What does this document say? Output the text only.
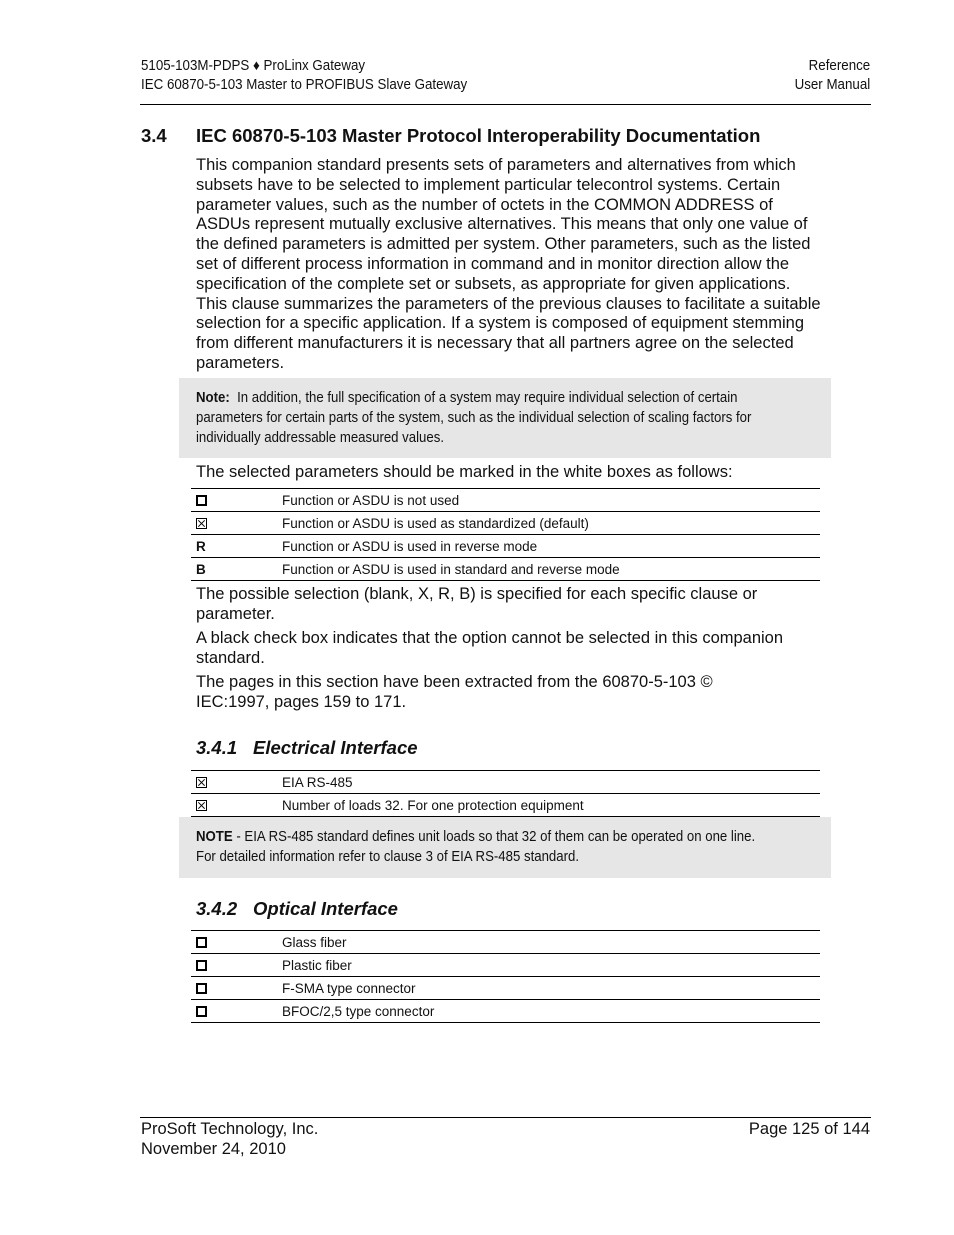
5105-103M-PDPS ♦ ProLinx Gateway
IEC 60870-5-103 Master to PROFIBUS Slave Gateway
Reference
User Manual
3.4 IEC 60870-5-103 Master Protocol Interoperability Documentation

This companion standard presents sets of parameters and alternatives from which subsets have to be selected to implement particular telecontrol systems. Certain parameter values, such as the number of octets in the COMMON ADDRESS of ASDUs represent mutually exclusive alternatives. This means that only one value of the defined parameters is admitted per system. Other parameters, such as the listed set of different process information in command and in monitor direction allow the specification of the complete set or subsets, as appropriate for given applications. This clause summarizes the parameters of the previous clauses to facilitate a suitable selection for a specific application. If a system is composed of equipment stemming from different manufacturers it is necessary that all partners agree on the selected parameters.

Note: In addition, the full specification of a system may require individual selection of certain
parameters for certain parts of the system, such as the individual selection of scaling factors for
individually addressable measured values.

The selected parameters should be marked in the white boxes as follows:

	Function or ASDU is not used
	Function or ASDU is used as standardized (default)
R	Function or ASDU is used in reverse mode
B	Function or ASDU is used in standard and reverse mode

The possible selection (blank, X, R, B) is specified for each specific clause or parameter.

A black check box indicates that the option cannot be selected in this companion standard.

The pages in this section have been extracted from the 60870-5-103 © IEC:1997, pages 159 to 171.

3.4.1 Electrical Interface
	EIA RS-485
	Number of loads 32. For one protection equipment
NOTE - EIA RS-485 standard defines unit loads so that 32 of them can be operated on one line.
For detailed information refer to clause 3 of EIA RS-485 standard.
3.4.2 Optical Interface
	Glass fiber
	Plastic fiber
	F-SMA type connector
	BFOC/2,5 type connector
ProSoft Technology, Inc.
November 24, 2010
Page 125 of 144
